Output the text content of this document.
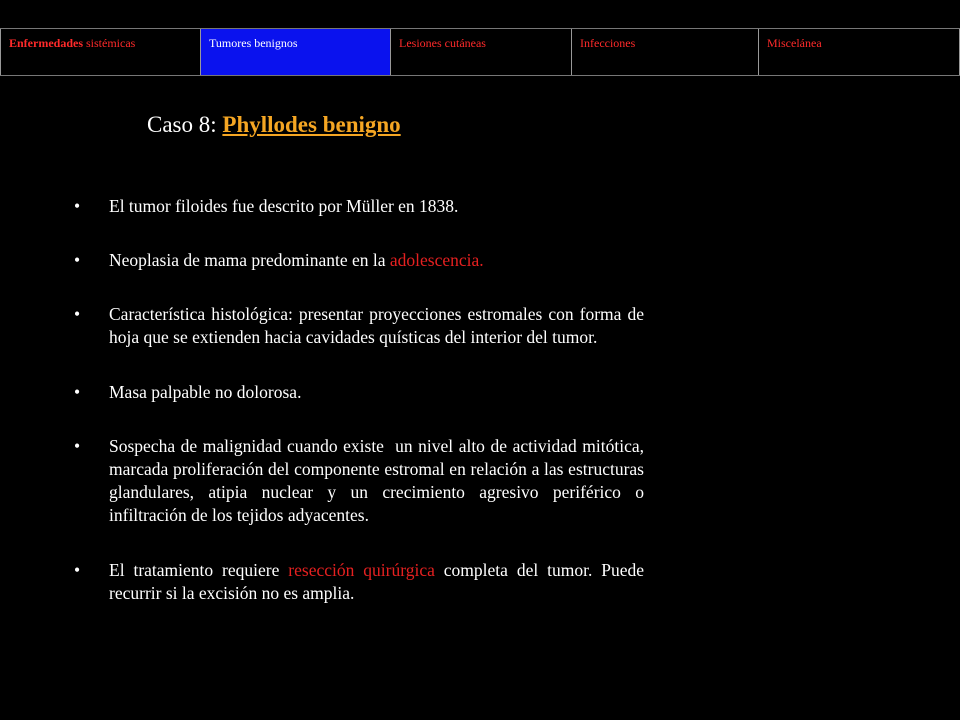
Enfermedades sistémicas	Tumores benignos	Lesiones cutáneas	Infecciones	Miscelánea
Caso 8: Phyllodes benigno
• El tumor filoides fue descrito por Müller en 1838.
• Neoplasia de mama predominante en la adolescencia.
• Característica histológica: presentar proyecciones estromales con forma de hoja que se extienden hacia cavidades quísticas del interior del tumor.
• Masa palpable no dolorosa.
• Sospecha de malignidad cuando existe  un nivel alto de actividad mitótica, marcada proliferación del componente estromal en relación a las estructuras glandulares, atipia nuclear y un crecimiento agresivo periférico o infiltración de los tejidos adyacentes.
• El tratamiento requiere resección quirúrgica completa del tumor. Puede recurrir si la excisión no es amplia.
